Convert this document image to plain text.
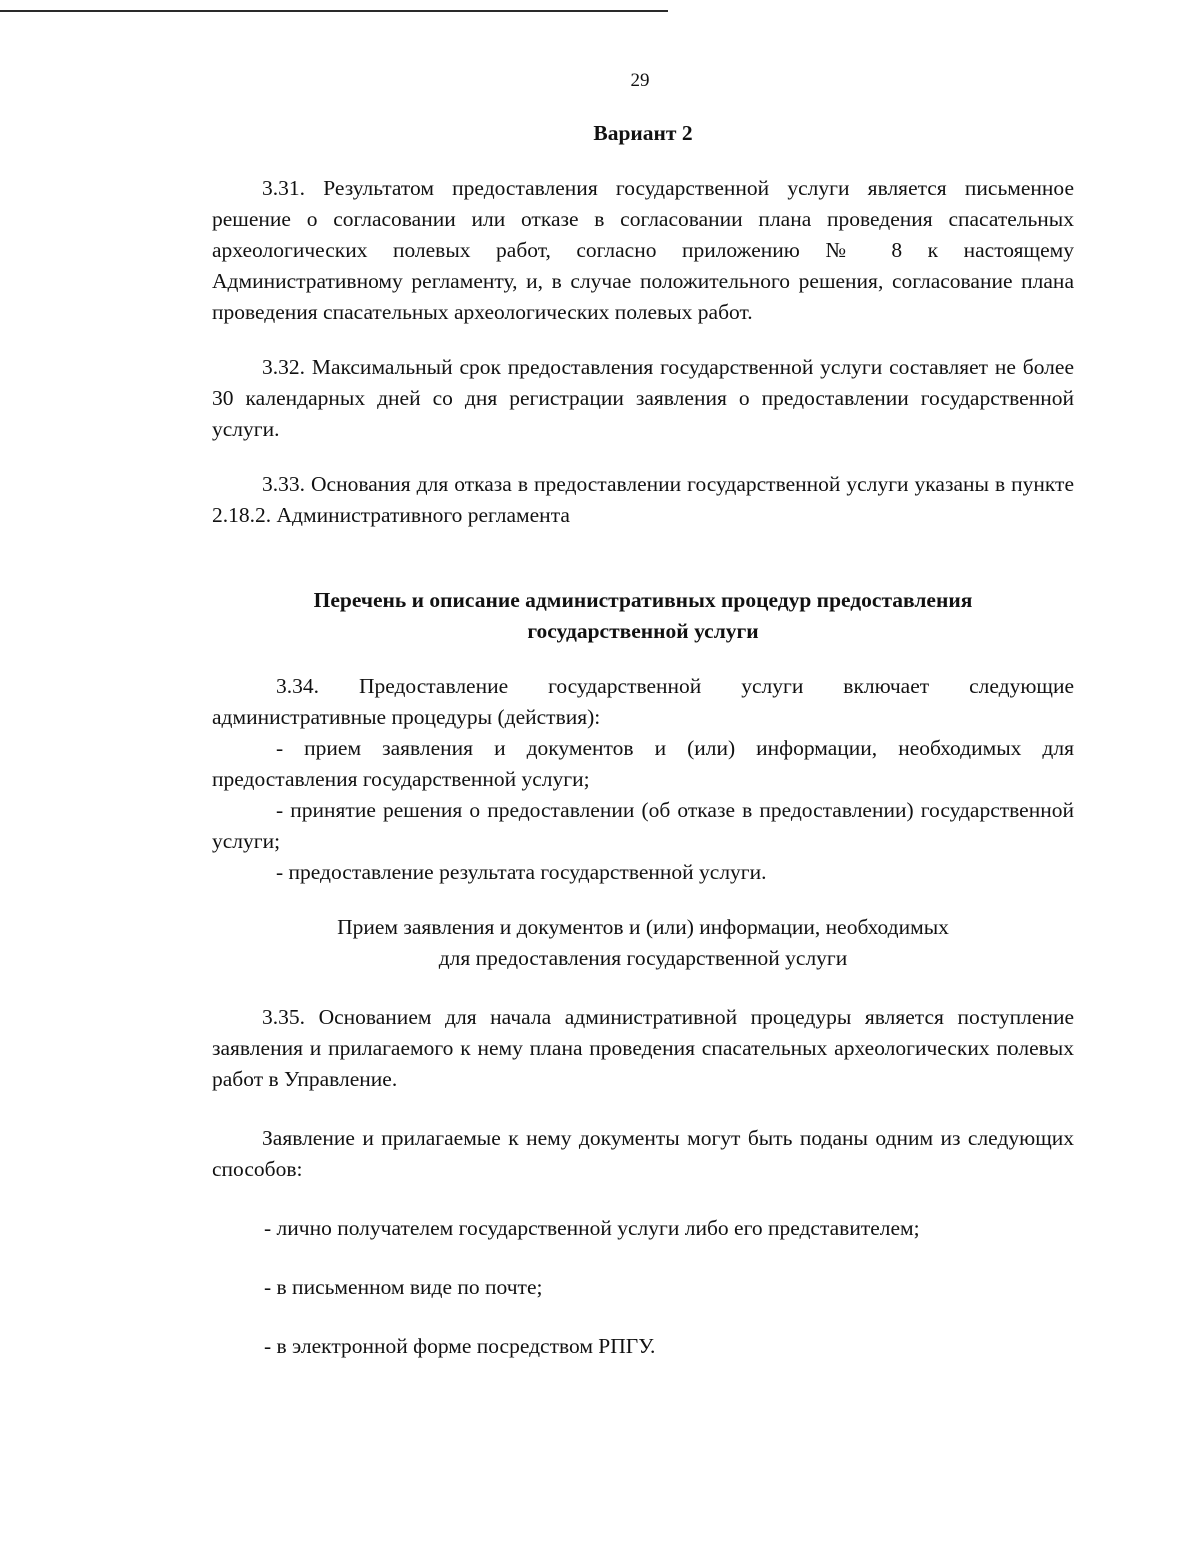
29

Вариант 2

3.31. Результатом предоставления государственной услуги является письменное решение о согласовании или отказе в согласовании плана проведения спасательных археологических полевых работ, согласно приложению № 8 к настоящему Административному регламенту, и, в случае положительного решения, согласование плана проведения спасательных археологических полевых работ.

3.32. Максимальный срок предоставления государственной услуги составляет не более 30 календарных дней со дня регистрации заявления о предоставлении государственной услуги.

3.33. Основания для отказа в предоставлении государственной услуги указаны в пункте 2.18.2. Административного регламента

Перечень и описание административных процедур предоставления

государственной услуги

3.34. Предоставление государственной услуги включает следующие административные процедуры (действия):

- прием заявления и документов и (или) информации, необходимых для предоставления государственной услуги;

- принятие решения о предоставлении (об отказе в предоставлении) государственной услуги;

- предоставление результата государственной услуги.

Прием заявления и документов и (или) информации, необходимых

для предоставления государственной услуги

3.35. Основанием для начала административной процедуры является поступление заявления и прилагаемого к нему плана проведения спасательных археологических полевых работ в Управление.

Заявление и прилагаемые к нему документы могут быть поданы одним из следующих способов:

- лично получателем государственной услуги либо его представителем;

- в письменном виде по почте;

- в электронной форме посредством РПГУ.
